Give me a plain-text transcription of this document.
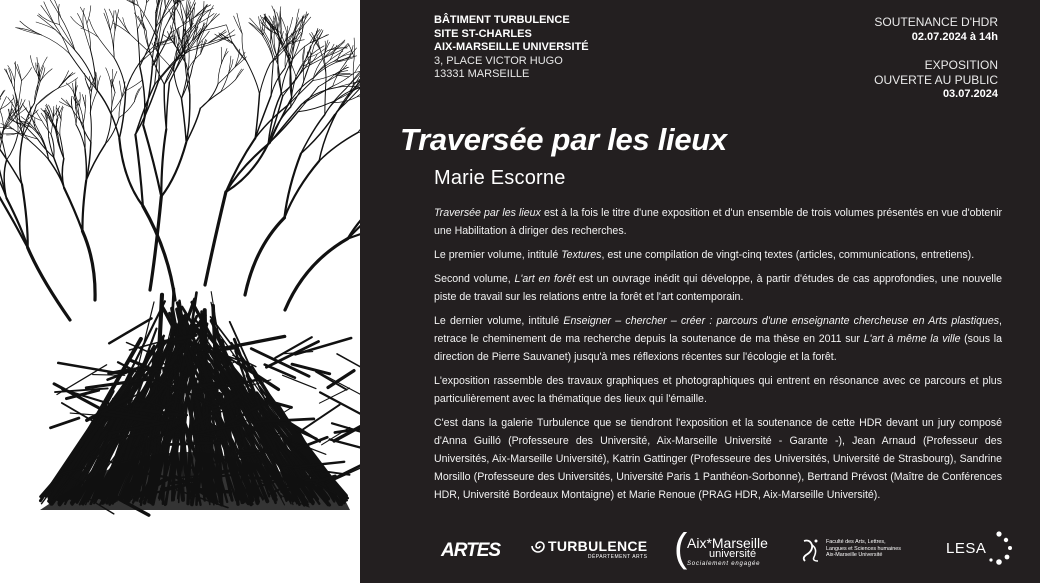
BÂTIMENT TURBULENCE
SITE ST-CHARLES
AIX-MARSEILLE UNIVERSITÉ
3, PLACE VICTOR HUGO
13331 MARSEILLE
SOUTENANCE D'HDR
02.07.2024 à 14h
EXPOSITION
OUVERTE AU PUBLIC
03.07.2024
Traversée par les lieux
Marie Escorne

Traversée par les lieux est à la fois le titre d'une exposition et d'un ensemble de trois volumes présentés en vue d'obtenir une Habilitation à diriger des recherches.

Le premier volume, intitulé Textures, est une compilation de vingt-cinq textes (articles, communications, entretiens).

Second volume, L'art en forêt est un ouvrage inédit qui développe, à partir d'études de cas approfondies, une nouvelle piste de travail sur les relations entre la forêt et l'art contemporain.

Le dernier volume, intitulé Enseigner – chercher – créer : parcours d'une enseignante chercheuse en Arts plastiques, retrace le cheminement de ma recherche depuis la soutenance de ma thèse en 2011 sur L'art à même la ville (sous la direction de Pierre Sauvanet) jusqu'à mes réflexions récentes sur l'écologie et la forêt.

L'exposition rassemble des travaux graphiques et photographiques qui entrent en résonance avec ce parcours et plus particulièrement avec la thématique des lieux qui l'émaille.

C'est dans la galerie Turbulence que se tiendront l'exposition et la soutenance de cette HDR devant un jury composé d'Anna Guilló (Professeure des Université, Aix-Marseille Université - Garante -), Jean Arnaud (Professeur des Universités, Aix-Marseille Université), Katrin Gattinger (Professeure des Universités, Université de Strasbourg), Sandrine Morsillo (Professeure des Universités, Université Paris 1 Panthéon-Sorbonne), Bertrand Prévost (Maître de Conférences HDR, Université Bordeaux Montaigne) et Marie Renoue (PRAG HDR, Aix-Marseille Université).

ARTES	TURBULENCE
DÉPARTEMENT ARTS ( Aix*Marseille
université
Socialement engagée
Faculté des Arts, Lettres,
Langues et Sciences humaines
Aix-Marseille Université	LESA
